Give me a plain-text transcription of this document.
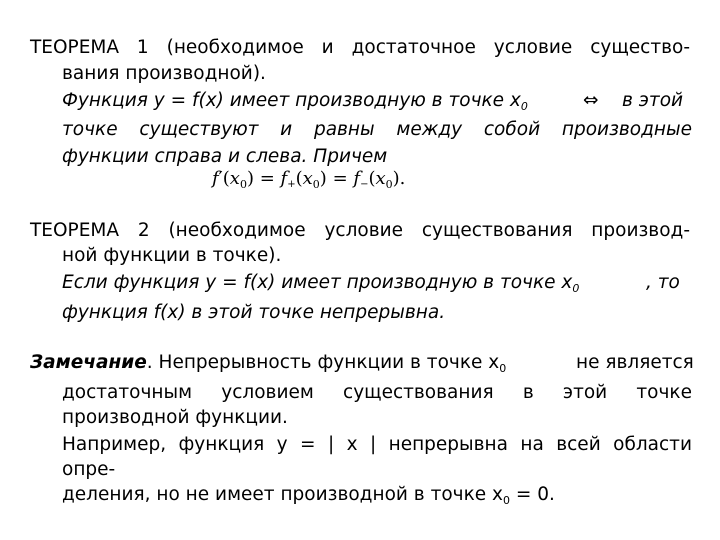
ТЕОРЕМА 1 (необходимое и достаточное условие существо-
вания производной).
Функция y = f(x) имеет производную в точке $x_0$	⇔ в этой
точке существуют и равны между собой производные
функции справа и слева. Причем
$f'(x_0) = f+(x_0) = f-(x_0)$.
ТЕОРЕМА 2 (необходимое условие существования производ-
ной функции в точке).
Если функция y = f(x) имеет производную в точке $x_0$	, то
функция f(x) в этой точке непрерывна.
Замечание. Непрерывность функции в точке $x_0$	не является
достаточным условием существования в этой точке
производной функции.
Например, функция y = | x | непрерывна на всей области
опре-
деления, но не имеет производной в точке $x_0 = 0$.
